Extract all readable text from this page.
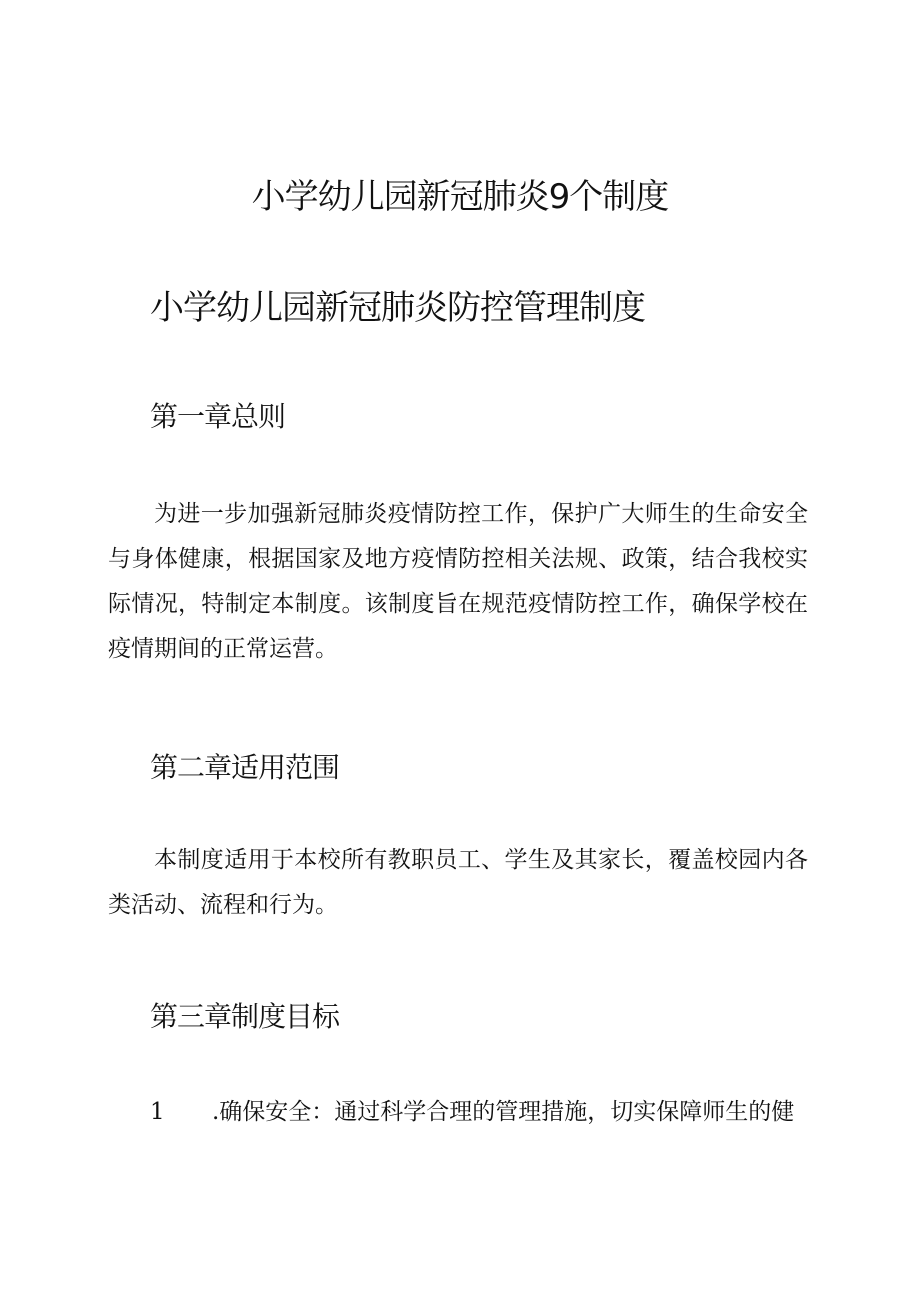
小学幼儿园新冠肺炎9个制度
小学幼儿园新冠肺炎防控管理制度
第一章总则

为进一步加强新冠肺炎疫情防控工作，保护广大师生的生命安全与身体健康，根据国家及地方疫情防控相关法规、政策，结合我校实际情况，特制定本制度。该制度旨在规范疫情防控工作，确保学校在疫情期间的正常运营。

第二章适用范围

本制度适用于本校所有教职员工、学生及其家长，覆盖校园内各类活动、流程和行为。

第三章制度目标

1 .确保安全：通过科学合理的管理措施，切实保障师生的健
